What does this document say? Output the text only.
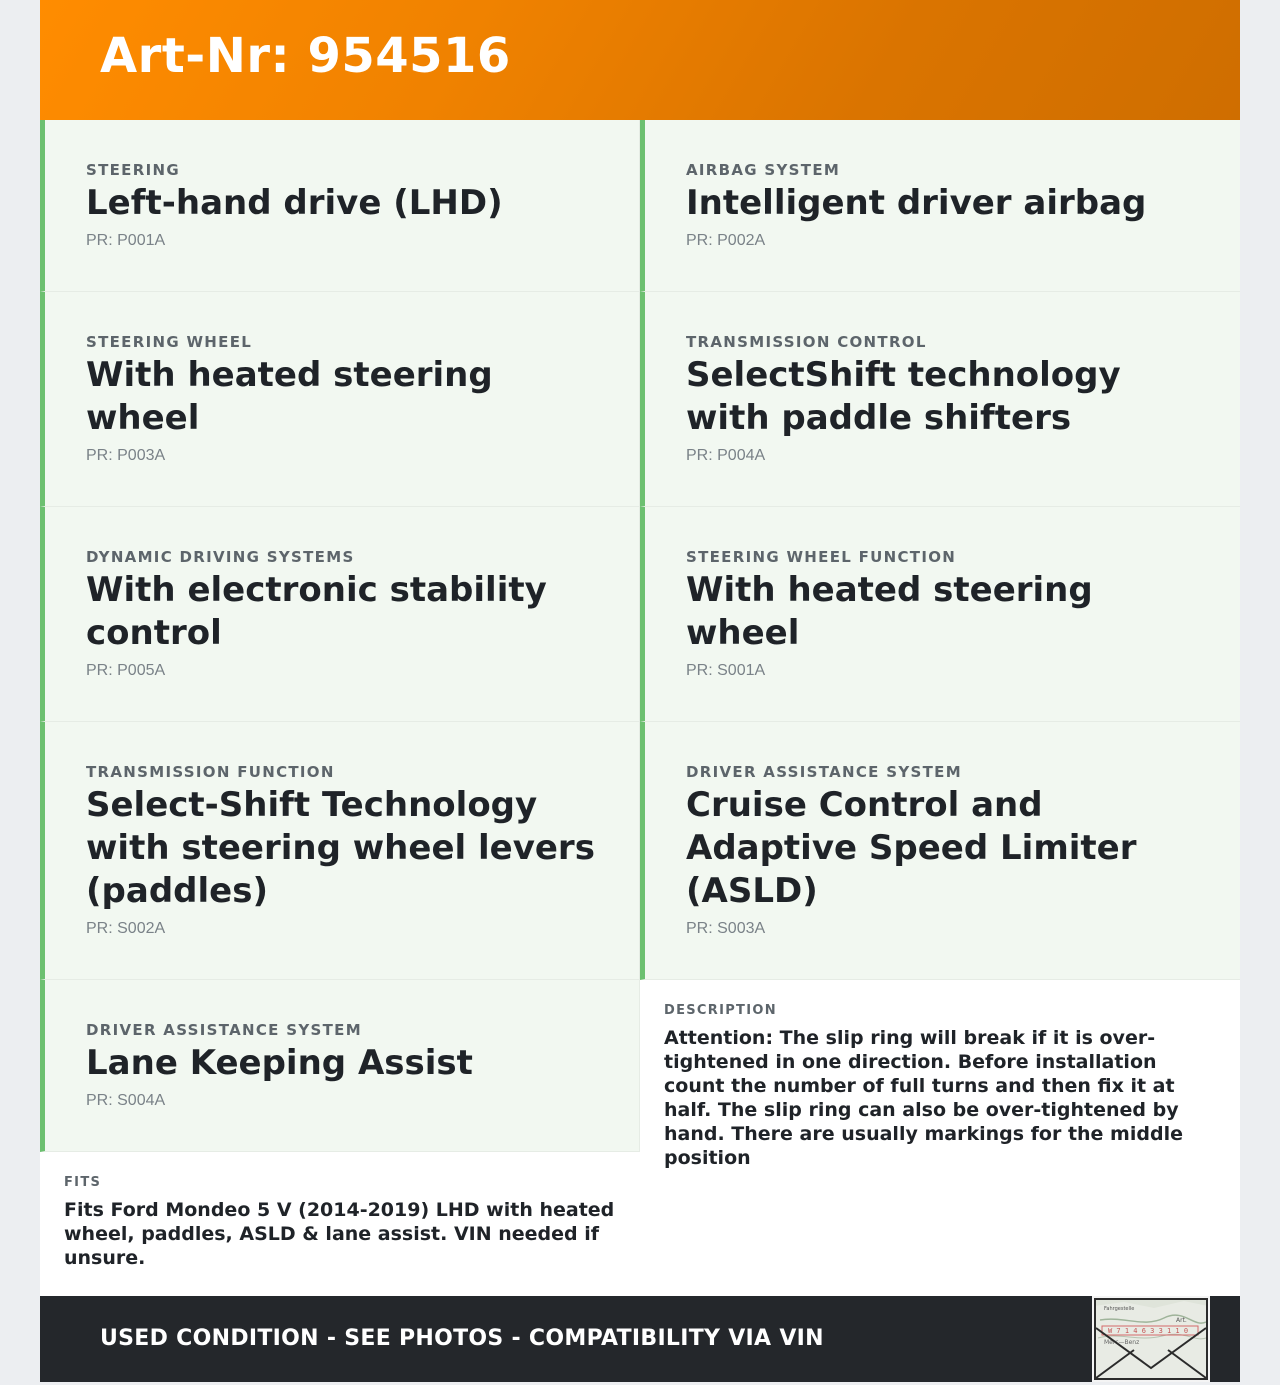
Art-Nr: 954516
STEERING
Left-hand drive (LHD)
PR: P001A
STEERING WHEEL
With heated steering wheel
PR: P003A
DYNAMIC DRIVING SYSTEMS
With electronic stability control
PR: P005A
TRANSMISSION FUNCTION
Select-Shift Technology with steering wheel levers (paddles)
PR: S002A
DRIVER ASSISTANCE SYSTEM
Lane Keeping Assist
PR: S004A
FITS
Fits Ford Mondeo 5 V (2014-2019) LHD with heated wheel, paddles, ASLD & lane assist. VIN needed if unsure.
AIRBAG SYSTEM
Intelligent driver airbag
PR: P002A
TRANSMISSION CONTROL
SelectShift technology with paddle shifters
PR: P004A
STEERING WHEEL FUNCTION
With heated steering wheel
PR: S001A
DRIVER ASSISTANCE SYSTEM
Cruise Control and Adaptive Speed Limiter (ASLD)
PR: S003A
DESCRIPTION
Attention: The slip ring will break if it is over-tightened in one direction. Before installation count the number of full turns and then fix it at half. The slip ring can also be over-tightened by hand. There are usually markings for the middle position
USED CONDITION - SEE PHOTOS - COMPATIBILITY VIA VIN	W 7 1 4 6 3 3 1 1 0
Fahrgestelle
Art.
Merc—Benz
